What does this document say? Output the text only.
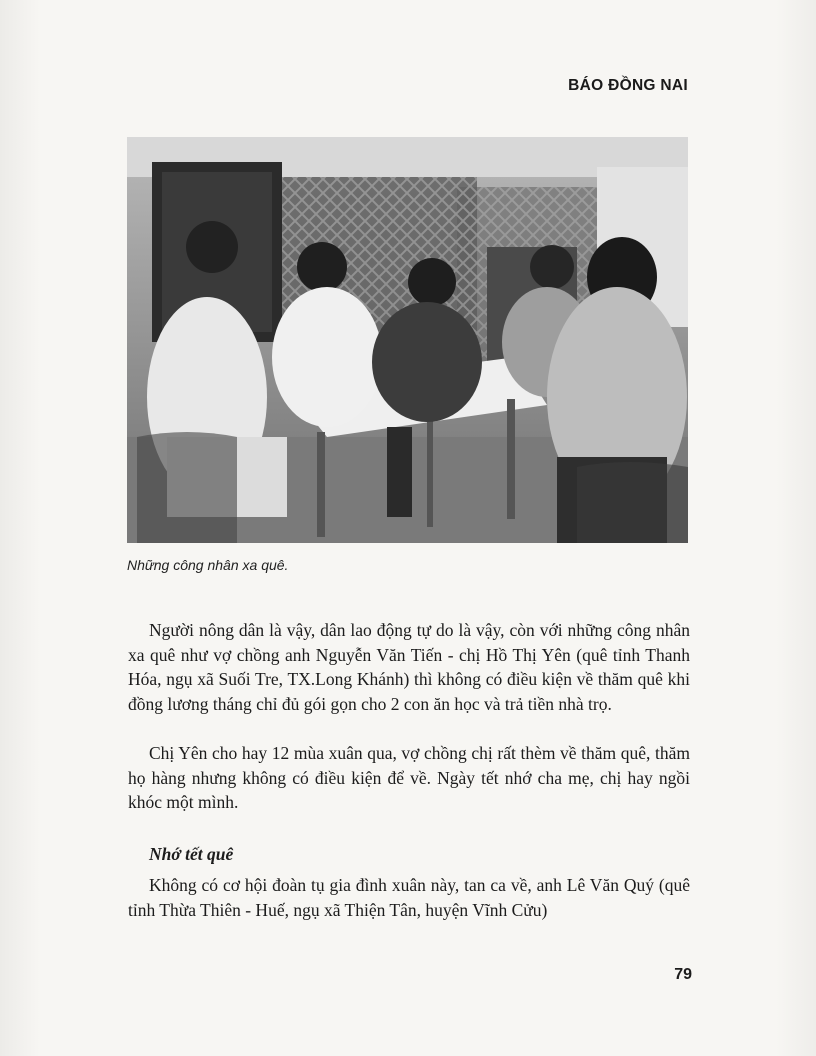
BÁO ĐỒNG NAI
Những công nhân xa quê.

Người nông dân là vậy, dân lao động tự do là vậy, còn với những công nhân xa quê như vợ chồng anh Nguyễn Văn Tiến - chị Hồ Thị Yên (quê tỉnh Thanh Hóa, ngụ xã Suối Tre, TX.Long Khánh) thì không có điều kiện về thăm quê khi đồng lương tháng chỉ đủ gói gọn cho 2 con ăn học và trả tiền nhà trọ.

Chị Yên cho hay 12 mùa xuân qua, vợ chồng chị rất thèm về thăm quê, thăm họ hàng nhưng không có điều kiện để về. Ngày tết nhớ cha mẹ, chị hay ngồi khóc một mình.

Nhớ tết quê

Không có cơ hội đoàn tụ gia đình xuân này, tan ca về, anh Lê Văn Quý (quê tỉnh Thừa Thiên - Huế, ngụ xã Thiện Tân, huyện Vĩnh Cửu)

79
